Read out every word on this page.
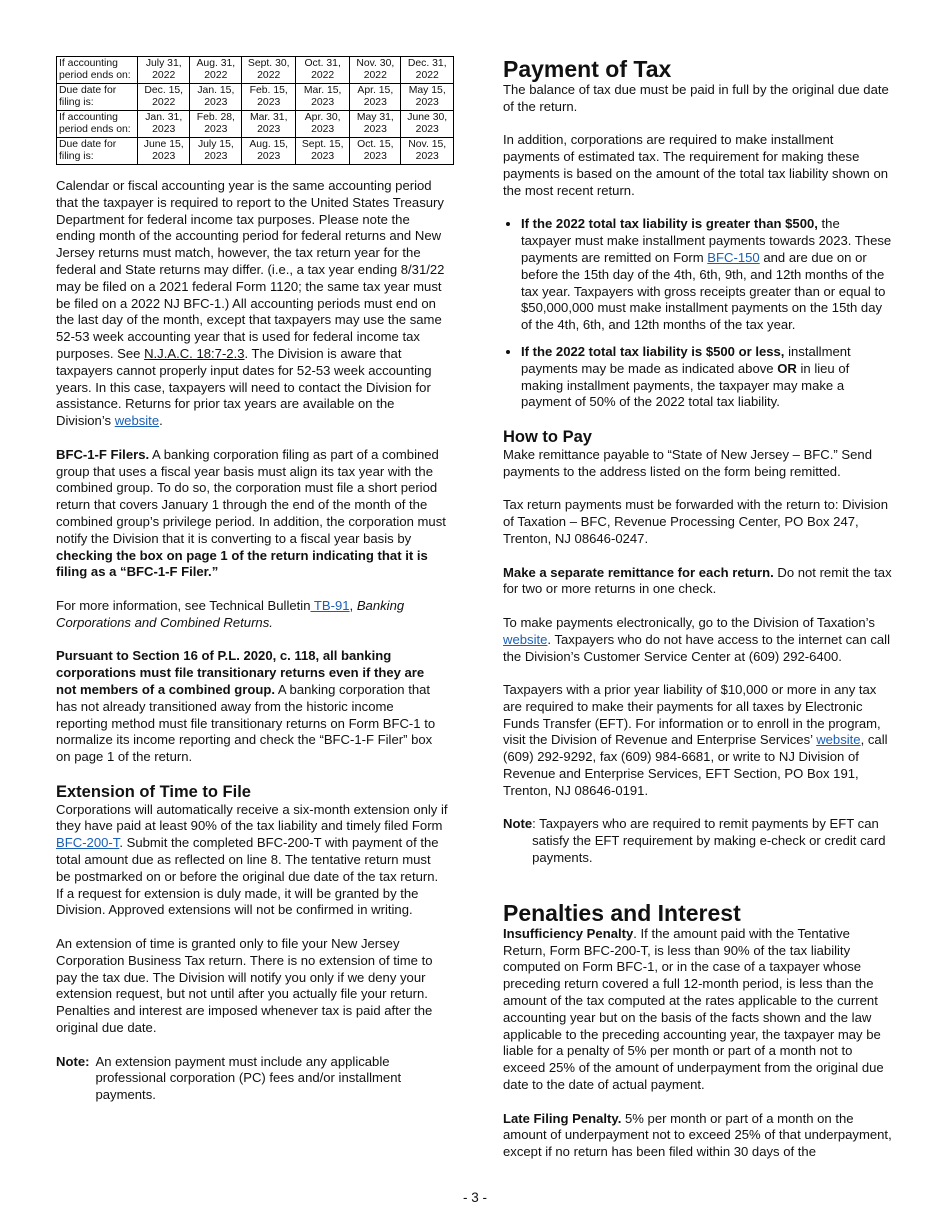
If accounting period ends on:	July 31, 2022	Aug. 31, 2022	Sept. 30, 2022	Oct. 31, 2022	Nov. 30, 2022	Dec. 31, 2022
Due date for filing is:	Dec. 15, 2022	Jan. 15, 2023	Feb. 15, 2023	Mar. 15, 2023	Apr. 15, 2023	May 15, 2023
If accounting period ends on:	Jan. 31, 2023	Feb. 28, 2023	Mar. 31, 2023	Apr. 30, 2023	May 31, 2023	June 30, 2023
Due date for filing is:	June 15, 2023	July 15, 2023	Aug. 15, 2023	Sept. 15, 2023	Oct. 15, 2023	Nov. 15, 2023

Calendar or fiscal accounting year is the same accounting period that the taxpayer is required to report to the United States Treasury Department for federal income tax purposes. Please note the ending month of the accounting period for federal returns and New Jersey returns must match, however, the tax return year for the federal and State returns may differ. (i.e., a tax year ending 8/31/22 may be filed on a 2021 federal Form 1120; the same tax year must be filed on a 2022 NJ BFC-1.) All accounting periods must end on the last day of the month, except that taxpayers may use the same 52-53 week accounting year that is used for federal income tax purposes. See N.J.A.C. 18:7-2.3. The Division is aware that taxpayers cannot properly input dates for 52-53 week accounting years. In this case, taxpayers will need to contact the Division for assistance. Returns for prior tax years are available on the Division’s website.

BFC-1-F Filers. A banking corporation filing as part of a combined group that uses a fiscal year basis must align its tax year with the combined group. To do so, the corporation must file a short period return that covers January 1 through the end of the month of the combined group’s privilege period. In addition, the corporation must notify the Division that it is converting to a fiscal year basis by checking the box on page 1 of the return indicating that it is filing as a “BFC-1-F Filer.”

For more information, see Technical Bulletin TB-91, Banking Corporations and Combined Returns.

Pursuant to Section 16 of P.L. 2020, c. 118, all banking corporations must file transitionary returns even if they are not members of a combined group. A banking corporation that has not already transitioned away from the historic income reporting method must file transitionary returns on Form BFC-1 to normalize its income reporting and check the “BFC-1-F Filer” box on page 1 of the return.

Extension of Time to File

Corporations will automatically receive a six-month extension only if they have paid at least 90% of the tax liability and timely filed Form BFC-200-T. Submit the completed BFC-200-T with payment of the total amount due as reflected on line 8. The tentative return must be postmarked on or before the original due date of the tax return. If a request for extension is duly made, it will be granted by the Division. Approved extensions will not be confirmed in writing.

An extension of time is granted only to file your New Jersey Corporation Business Tax return. There is no extension of time to pay the tax due. The Division will notify you only if we deny your extension request, but not until after you actually file your return. Penalties and interest are imposed whenever tax is paid after the original due date.

Note: An extension payment must include any applicable professional corporation (PC) fees and/or installment payments.
Payment of Tax

The balance of tax due must be paid in full by the original due date of the return.

In addition, corporations are required to make installment payments of estimated tax. The requirement for making these payments is based on the amount of the total tax liability shown on the most recent return.

• If the 2022 total tax liability is greater than $500, the taxpayer must make installment payments towards 2023. These payments are remitted on Form BFC-150 and are due on or before the 15th day of the 4th, 6th, 9th, and 12th months of the tax year. Taxpayers with gross receipts greater than or equal to $50,000,000 must make installment payments on the 15th day of the 4th, 6th, and 12th months of the tax year.
• If the 2022 total tax liability is $500 or less, installment payments may be made as indicated above OR in lieu of making installment payments, the taxpayer may make a payment of 50% of the 2022 total tax liability.
How to Pay

Make remittance payable to “State of New Jersey – BFC.” Send payments to the address listed on the form being remitted.

Tax return payments must be forwarded with the return to: Division of Taxation – BFC, Revenue Processing Center, PO Box 247, Trenton, NJ 08646-0247.

Make a separate remittance for each return. Do not remit the tax for two or more returns in one check.

To make payments electronically, go to the Division of Taxation’s website. Taxpayers who do not have access to the internet can call the Division’s Customer Service Center at (609) 292-6400.

Taxpayers with a prior year liability of $10,000 or more in any tax are required to make their payments for all taxes by Electronic Funds Transfer (EFT). For information or to enroll in the program, visit the Division of Revenue and Enterprise Services’ website, call (609) 292-9292, fax (609) 984-6681, or write to NJ Division of Revenue and Enterprise Services, EFT Section, PO Box 191, Trenton, NJ 08646-0191.

Note : Taxpayers who are required to remit payments by EFT can satisfy the EFT requirement by making e-check or credit card payments.
Penalties and Interest

Insufficiency Penalty. If the amount paid with the Tentative Return, Form BFC-200-T, is less than 90% of the tax liability computed on Form BFC-1, or in the case of a taxpayer whose preceding return covered a full 12-month period, is less than the amount of the tax computed at the rates applicable to the current accounting year but on the basis of the facts shown and the law applicable to the preceding accounting year, the taxpayer may be liable for a penalty of 5% per month or part of a month not to exceed 25% of the amount of underpayment from the original due date to the date of actual payment.

Late Filing Penalty. 5% per month or part of a month on the amount of underpayment not to exceed 25% of that underpayment, except if no return has been filed within 30 days of the

- 3 -
